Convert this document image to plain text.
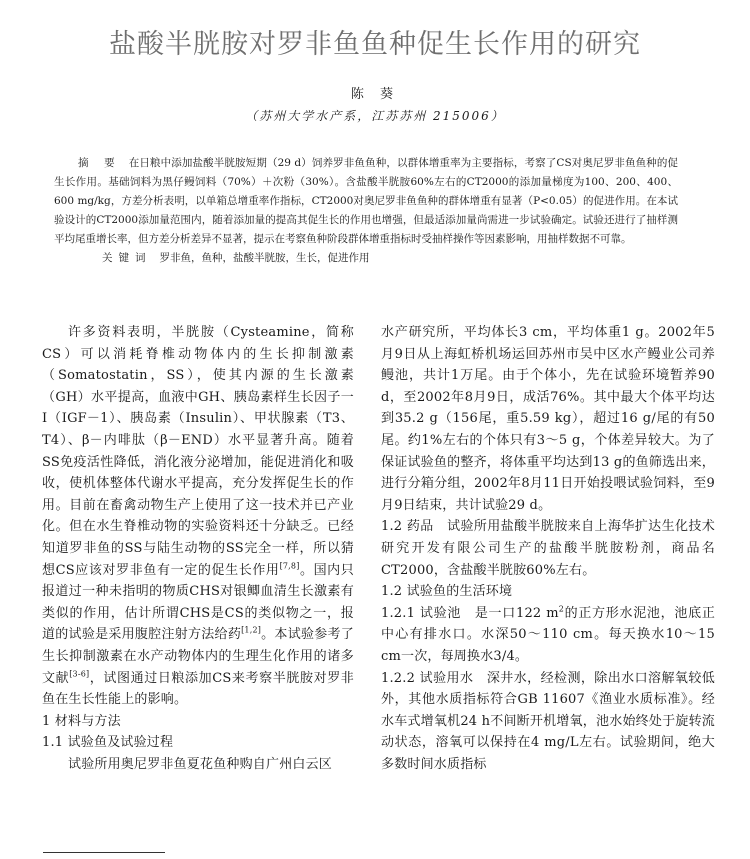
盐酸半胱胺对罗非鱼鱼种促生长作用的研究
陈 葵
（苏州大学水产系，江苏苏州 215006）

摘 要 在日粮中添加盐酸半胱胺短期（29 d）饲养罗非鱼鱼种，以群体增重率为主要指标，考察了CS对奥尼罗非鱼鱼种的促生长作用。基础饲料为黑仔鳗饲料（70%）＋次粉（30%）。含盐酸半胱胺60%左右的CT2000的添加量梯度为100、200、400、600 mg/kg，方差分析表明，以单箱总增重率作指标，CT2000对奥尼罗非鱼鱼种的群体增重有显著（P<0.05）的促进作用。在本试验设计的CT2000添加量范围内，随着添加量的提高其促生长的作用也增强，但最适添加量尚需进一步试验确定。试验还进行了抽样测平均尾重增长率，但方差分析差异不显著，提示在考察鱼种阶段群体增重指标时受抽样操作等因素影响，用抽样数据不可靠。

关键词 罗非鱼，鱼种，盐酸半胱胺，生长，促进作用

许多资料表明，半胱胺（Cysteamine，简称CS）可以消耗脊椎动物体内的生长抑制激素（Somatostatin，SS），使其内源的生长激素（GH）水平提高，血液中GH、胰岛素样生长因子一I（IGF－1）、胰岛素（Insulin）、甲状腺素（T3、T4）、β－内啡肽（β－END）水平显著升高。随着SS免疫活性降低，消化液分泌增加，能促进消化和吸收，使机体整体代谢水平提高，充分发挥促生长的作用。目前在畜禽动物生产上使用了这一技术并已产业化。但在水生脊椎动物的实验资料还十分缺乏。已经知道罗非鱼的SS与陆生动物的SS完全一样，所以猜想CS应该对罗非鱼有一定的促生长作用[7,8]。国内只报道过一种未指明的物质CHS对银鲫血清生长激素有类似的作用，估计所谓CHS是CS的类似物之一，报道的试验是采用腹腔注射方法给药[1,2]。本试验参考了生长抑制激素在水产动物体内的生理生化作用的诸多文献[3-6]，试图通过日粮添加CS来考察半胱胺对罗非鱼在生长性能上的影响。

1 材料与方法

1.1 试验鱼及试验过程

试验所用奥尼罗非鱼夏花鱼种购自广州白云区

水产研究所，平均体长3 cm，平均体重1 g。2002年5月9日从上海虹桥机场运回苏州市吴中区水产鳗业公司养鳗池，共计1万尾。由于个体小，先在试验环境暂养90 d，至2002年8月9日，成活76%。其中最大个体平均达到35.2 g（156尾，重5.59 kg），超过16 g/尾的有50尾。约1%左右的个体只有3～5 g，个体差异较大。为了保证试验鱼的整齐，将体重平均达到13 g的鱼筛选出来，进行分箱分组，2002年8月11日开始投喂试验饲料，至9月9日结束，共计试验29 d。

1.2 药品　 试验所用盐酸半胱胺来自上海华扩达生化技术研究开发有限公司生产的盐酸半胱胺粉剂，商品名CT2000，含盐酸半胱胺60%左右。

1.2 试验鱼的生活环境

1.2.1 试验池　 是一口122 $m^2$的正方形水泥池，池底正中心有排水口。水深50～110 cm。每天换水10～15 cm一次，每周换水3/4。

1.2.2 试验用水　 深井水，经检测，除出水口溶解氧较低外，其他水质指标符合GB 11607《渔业水质标准》。经水车式增氧机24 h不间断开机增氧，池水始终处于旋转流动状态，溶氧可以保持在4 mg/L左右。试验期间，绝大多数时间水质指标
